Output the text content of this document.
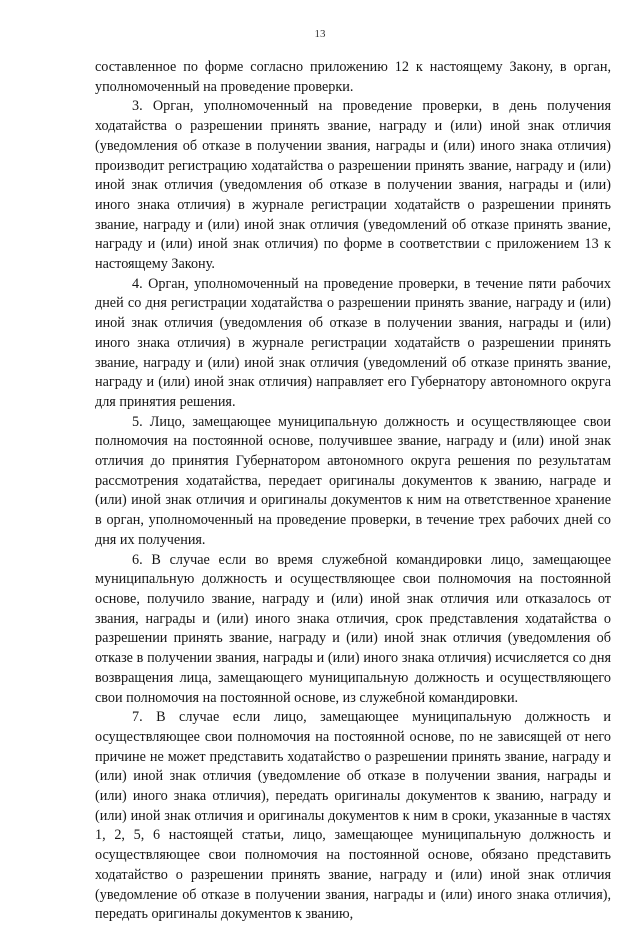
13

составленное по форме согласно приложению 12 к настоящему Закону, в орган, уполномоченный на проведение проверки.

3. Орган, уполномоченный на проведение проверки, в день получения ходатайства о разрешении принять звание, награду и (или) иной знак отличия (уведомления об отказе в получении звания, награды и (или) иного знака отличия) производит регистрацию ходатайства о разрешении принять звание, награду и (или) иной знак отличия (уведомления об отказе в получении звания, награды и (или) иного знака отличия) в журнале регистрации ходатайств о разрешении принять звание, награду и (или) иной знак отличия (уведомлений об отказе принять звание, награду и (или) иной знак отличия) по форме в соответствии с приложением 13 к настоящему Закону.

4. Орган, уполномоченный на проведение проверки, в течение пяти рабочих дней со дня регистрации ходатайства о разрешении принять звание, награду и (или) иной знак отличия (уведомления об отказе в получении звания, награды и (или) иного знака отличия) в журнале регистрации ходатайств о разрешении принять звание, награду и (или) иной знак отличия (уведомлений об отказе принять звание, награду и (или) иной знак отличия) направляет его Губернатору автономного округа для принятия решения.

5. Лицо, замещающее муниципальную должность и осуществляющее свои полномочия на постоянной основе, получившее звание, награду и (или) иной знак отличия до принятия Губернатором автономного округа решения по результатам рассмотрения ходатайства, передает оригиналы документов к званию, награде и (или) иной знак отличия и оригиналы документов к ним на ответственное хранение в орган, уполномоченный на проведение проверки, в течение трех рабочих дней со дня их получения.

6. В случае если во время служебной командировки лицо, замещающее муниципальную должность и осуществляющее свои полномочия на постоянной основе, получило звание, награду и (или) иной знак отличия или отказалось от звания, награды и (или) иного знака отличия, срок представления ходатайства о разрешении принять звание, награду и (или) иной знак отличия (уведомления об отказе в получении звания, награды и (или) иного знака отличия) исчисляется со дня возвращения лица, замещающего муниципальную должность и осуществляющего свои полномочия на постоянной основе, из служебной командировки.

7. В случае если лицо, замещающее муниципальную должность и осуществляющее свои полномочия на постоянной основе, по не зависящей от него причине не может представить ходатайство о разрешении принять звание, награду и (или) иной знак отличия (уведомление об отказе в получении звания, награды и (или) иного знака отличия), передать оригиналы документов к званию, награду и (или) иной знак отличия и оригиналы документов к ним в сроки, указанные в частях 1, 2, 5, 6 настоящей статьи, лицо, замещающее муниципальную должность и осуществляющее свои полномочия на постоянной основе, обязано представить ходатайство о разрешении принять звание, награду и (или) иной знак отличия (уведомление об отказе в получении звания, награды и (или) иного знака отличия), передать оригиналы документов к званию,
